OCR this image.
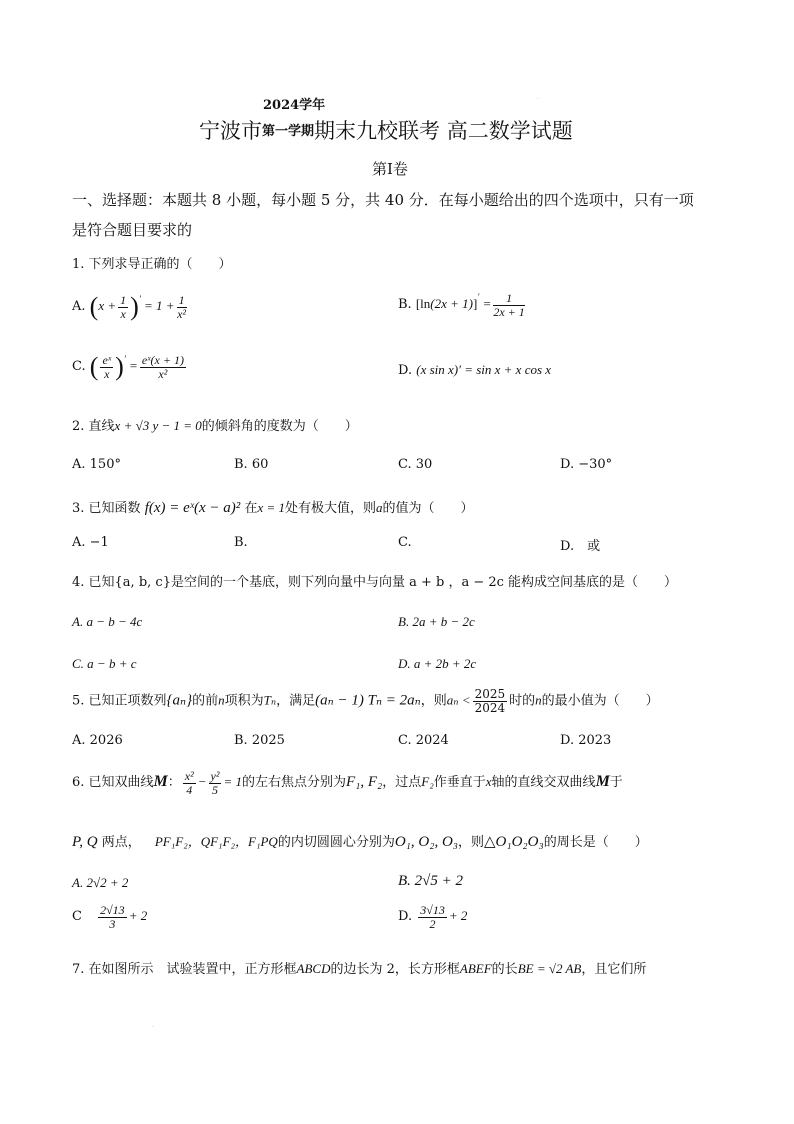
2024学年
宁波市第一学期期末九校联考 高二数学试题
·
第Ⅰ卷
一、选择题：本题共 8 小题，每小题 5 分，共 40 分．在每小题给出的四个选项中，只有一项
是符合题目要求的
1. 下列求导正确的（　　）
A. $(x + \frac{1}{x} )' = 1 + \frac{1}{\text{x²}}$	B. $[\ln(2x + 1)]' = \frac{1}{2x + 1}$
C. ( $\frac{\text{eˣ}}{x} )' = \frac{\text{eˣ(x + 1)}}{\text{x²}}$	D. (x sin x)′ = sin x + x cos x
2. 直线x + √3 y − 1 = 0的倾斜角的度数为（　　）
A. 150°	B. 60	C. 30	D. −30°
3. 已知函数 f(x) = eˣ(x − a)² 在x = 1处有极大值，则a的值为（　　）
A. −1	B.	C.	D.　或
4. 已知{a, b, c}是空间的一个基底，则下列向量中与向量 a + b ，a − 2c 能构成空间基底的是（　　）
A. a − b − 4c	B. 2a + b − 2c
C. a − b + c	D. a + 2b + 2c
5. 已知正项数列{aₙ}的前n项积为Tₙ，满足(aₙ − 1) Tₙ = 2aₙ，则$a_n < \frac{2025}{2024}$ 时的n的最小值为（　　）
A. 2026	B. 2025	C. 2024	D. 2023
6. 已知双曲线M： $\frac{\text{x²}}{4} - \frac{\text{y²}}{5} = 1$的左右焦点分别为F₁, F₂，过点F₂作垂直于x轴的直线交双曲线M于
P, Q 两点， PF₁F₂，QF₁F₂，F₁PQ的内切圆圆心分别为O₁, O₂, O₃，则△O₁O₂O₃的周长是（　　）
A. 2√2 + 2	B. 2√5 + 2
C $\frac{2√13}{3} + 2$	D. $\frac{3√13}{2} + 2$
7. 在如图所示　试验装置中，正方形框ABCD的边长为 2，长方形框ABEF的长BE = √2 AB，且它们所
·
